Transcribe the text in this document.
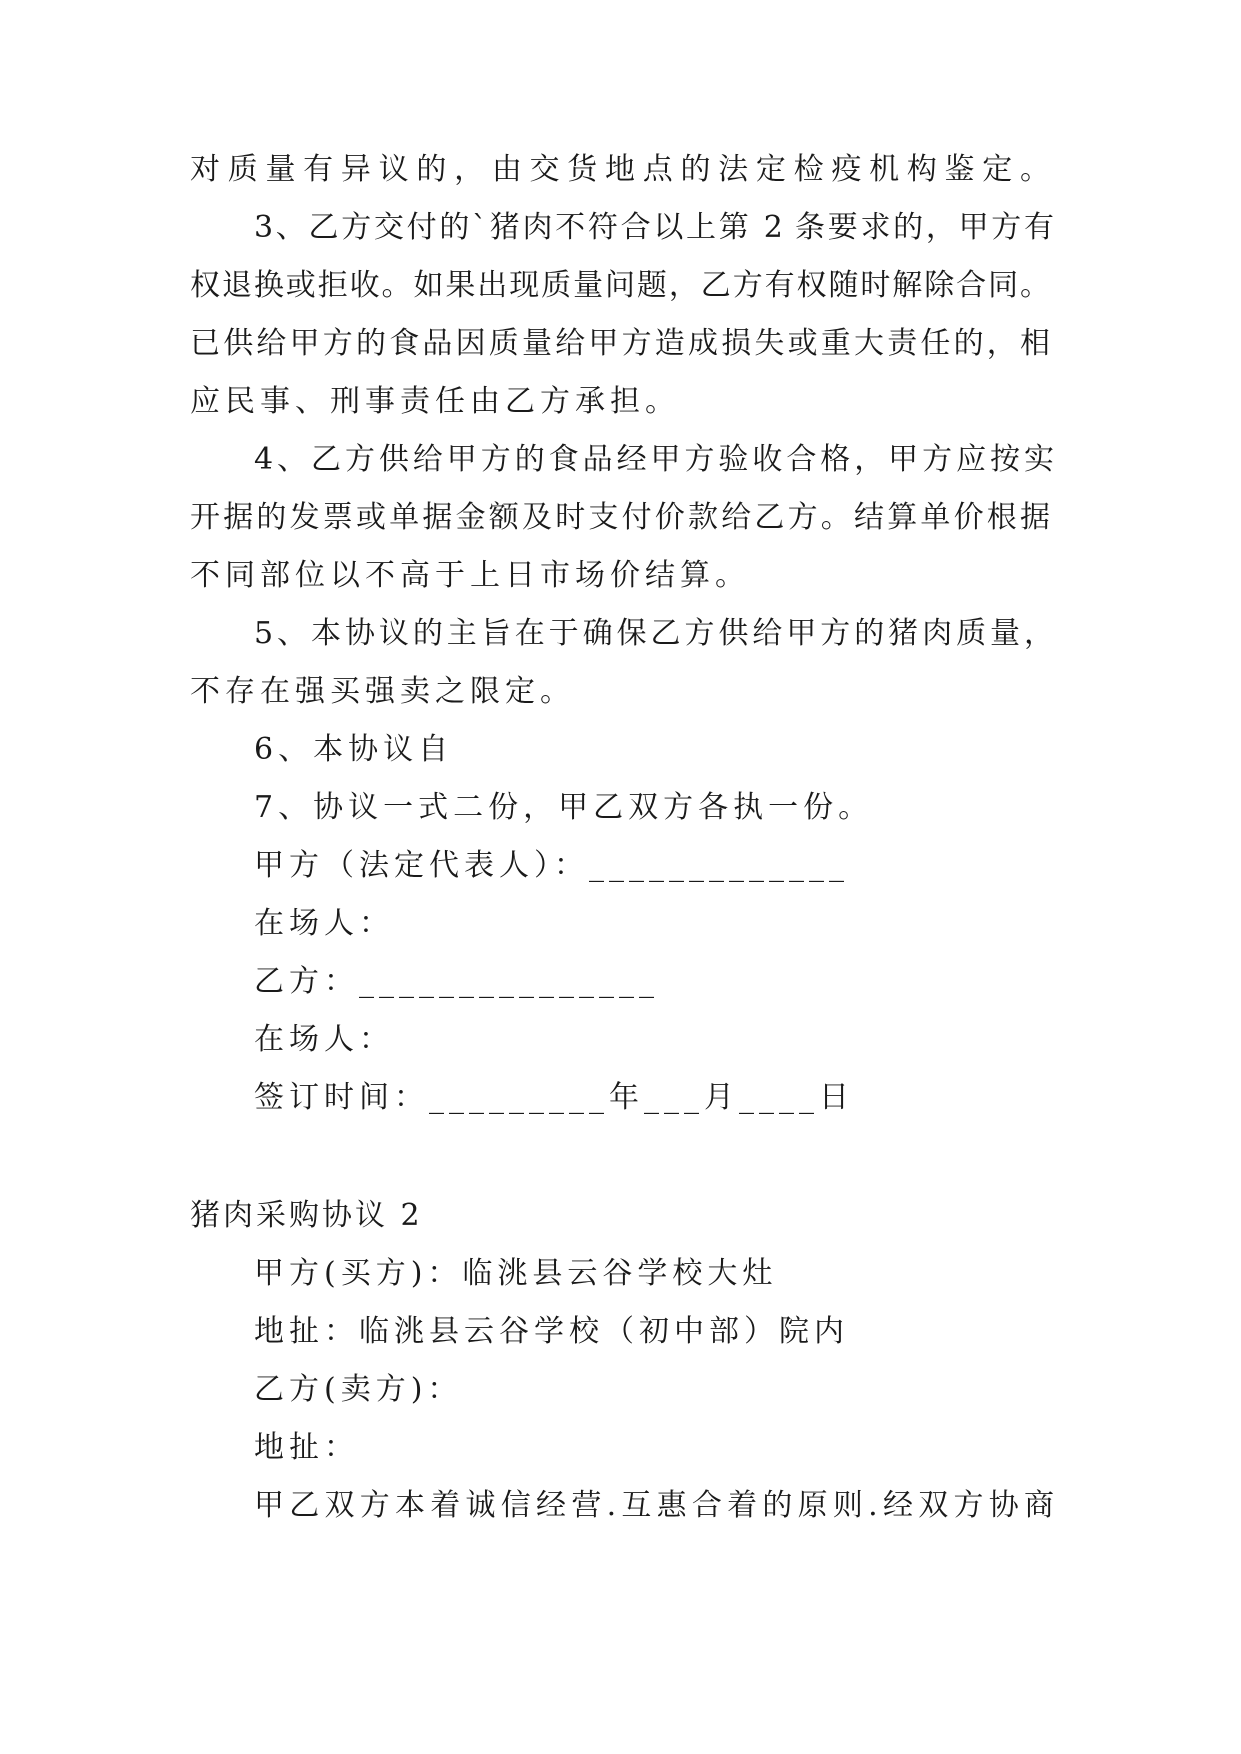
对质量有异议的，由交货地点的法定检疫机构鉴定。
3、乙方交付的`猪肉不符合以上第 2 条要求的，甲方有
权退换或拒收。如果出现质量问题，乙方有权随时解除合同。
已供给甲方的食品因质量给甲方造成损失或重大责任的，相
应民事、刑事责任由乙方承担。
4、乙方供给甲方的食品经甲方验收合格，甲方应按实
开据的发票或单据金额及时支付价款给乙方。结算单价根据
不同部位以不高于上日市场价结算。
5、本协议的主旨在于确保乙方供给甲方的猪肉质量，
不存在强买强卖之限定。
6、本协议自
7、协议一式二份，甲乙双方各执一份。
甲方（法定代表人）：_____________
在场人：
乙方：_______________
在场人：
签订时间：_________年___月____日
猪肉采购协议 2
甲方(买方)：临洮县云谷学校大灶
地扯：临洮县云谷学校（初中部）院内
乙方(卖方)：
地扯：
甲乙双方本着诚信经营.互惠合着的原则.经双方协商
